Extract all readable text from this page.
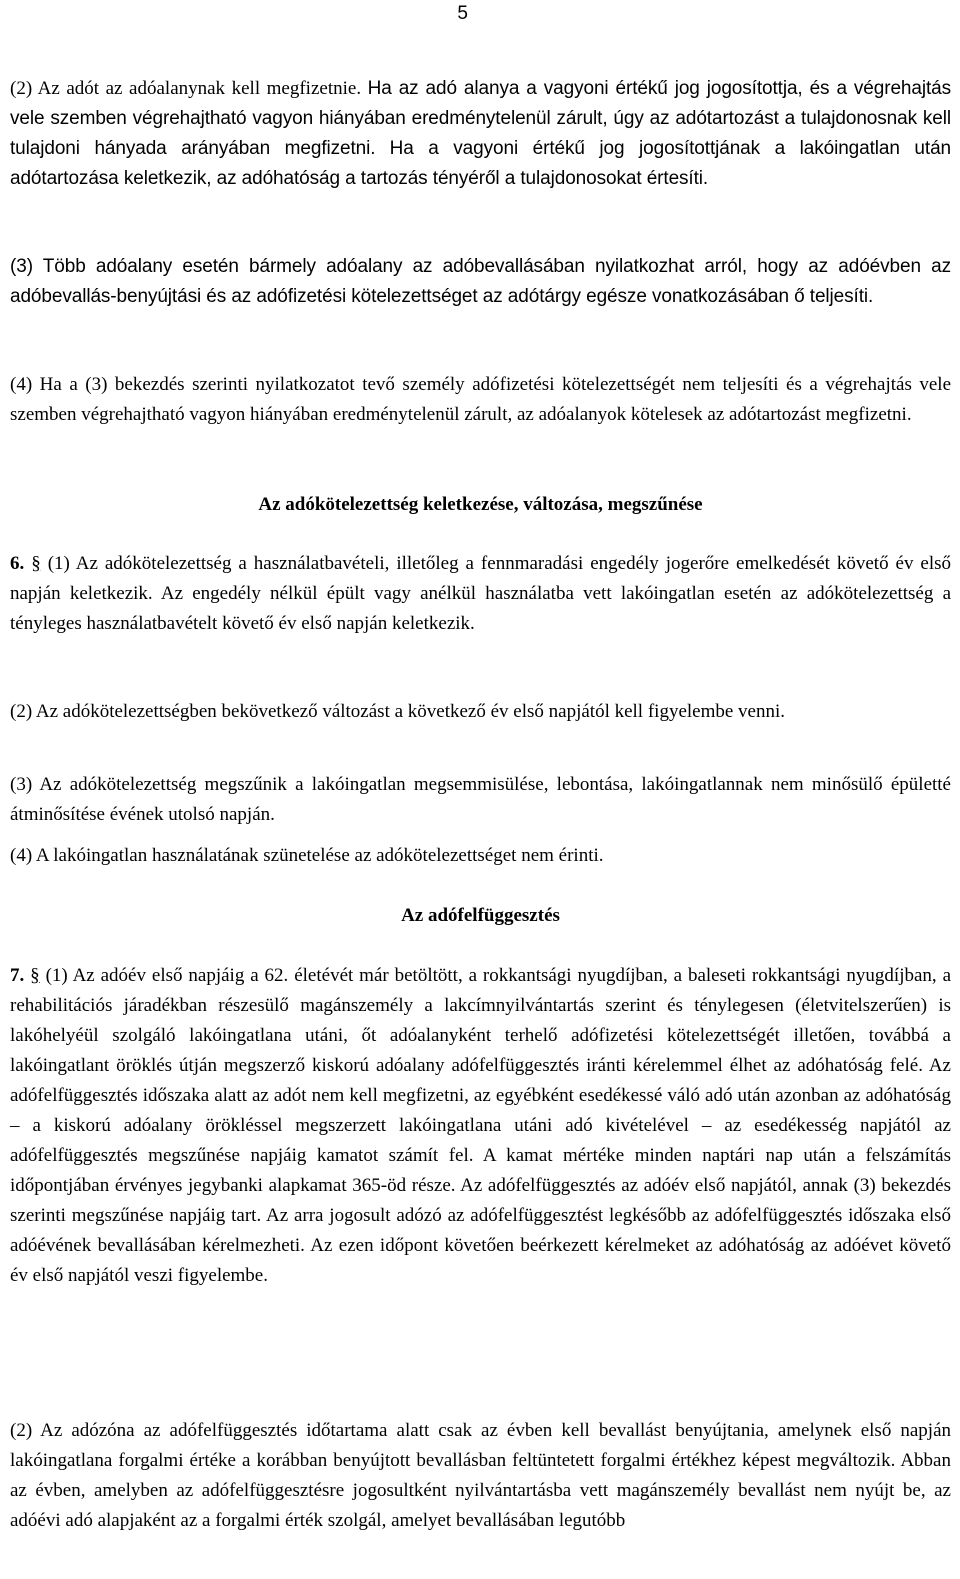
5
(2) Az adót az adóalanynak kell megfizetnie. Ha az adó alanya a vagyoni értékű jog jogosítottja, és a végrehajtás vele szemben végrehajtható vagyon hiányában eredménytelenül zárult, úgy az adótartozást a tulajdonosnak kell tulajdoni hányada arányában megfizetni. Ha a vagyoni értékű jog jogosítottjának a lakóingatlan után adótartozása keletkezik, az adóhatóság a tartozás tényéről a tulajdonosokat értesíti.
(3) Több adóalany esetén bármely adóalany az adóbevallásában nyilatkozhat arról, hogy az adóévben az adóbevallás-benyújtási és az adófizetési kötelezettséget az adótárgy egésze vonatkozásában ő teljesíti.
(4) Ha a (3) bekezdés szerinti nyilatkozatot tevő személy adófizetési kötelezettségét nem teljesíti és a végrehajtás vele szemben végrehajtható vagyon hiányában eredménytelenül zárult, az adóalanyok kötelesek az adótartozást megfizetni.
Az adókötelezettség keletkezése, változása, megszűnése
6. § (1) Az adókötelezettség a használatbavételi, illetőleg a fennmaradási engedély jogerőre emelkedését követő év első napján keletkezik. Az engedély nélkül épült vagy anélkül használatba vett lakóingatlan esetén az adókötelezettség a tényleges használatbavételt követő év első napján keletkezik.
(2) Az adókötelezettségben bekövetkező változást a következő év első napjától kell figyelembe venni.
(3) Az adókötelezettség megszűnik a lakóingatlan megsemmisülése, lebontása, lakóingatlannak nem minősülő épületté átminősítése évének utolsó napján.
(4) A lakóingatlan használatának szünetelése az adókötelezettséget nem érinti.
Az adófelfüggesztés
7. § (1) Az adóév első napjáig a 62. életévét már betöltött, a rokkantsági nyugdíjban, a baleseti rokkantsági nyugdíjban, a rehabilitációs járadékban részesülő magánszemély a lakcímnyilvántartás szerint és ténylegesen (életvitelszerűen) is lakóhelyéül szolgáló lakóingatlana utáni, őt adóalanyként terhelő adófizetési kötelezettségét illetően, továbbá a lakóingatlant öröklés útján megszerző kiskorú adóalany adófelfüggesztés iránti kérelemmel élhet az adóhatóság felé. Az adófelfüggesztés időszaka alatt az adót nem kell megfizetni, az egyébként esedékessé váló adó után azonban az adóhatóság – a kiskorú adóalany örökléssel megszerzett lakóingatlana utáni adó kivételével – az esedékesség napjától az adófelfüggesztés megszűnése napjáig kamatot számít fel. A kamat mértéke minden naptári nap után a felszámítás időpontjában érvényes jegybanki alapkamat 365-öd része. Az adófelfüggesztés az adóév első napjától, annak (3) bekezdés szerinti megszűnése napjáig tart. Az arra jogosult adózó az adófelfüggesztést legkésőbb az adófelfüggesztés időszaka első adóévének bevallásában kérelmezheti. Az ezen időpont követően beérkezett kérelmeket az adóhatóság az adóévet követő év első napjától veszi figyelembe.
(2) Az adózóna az adófelfüggesztés időtartama alatt csak az évben kell bevallást benyújtania, amelynek első napján lakóingatlana forgalmi értéke a korábban benyújtott bevallásban feltüntetett forgalmi értékhez képest megváltozik. Abban az évben, amelyben az adófelfüggesztésre jogosultként nyilvántartásba vett magánszemély bevallást nem nyújt be, az adóévi adó alapjaként az a forgalmi érték szolgál, amelyet bevallásában legutóbb
